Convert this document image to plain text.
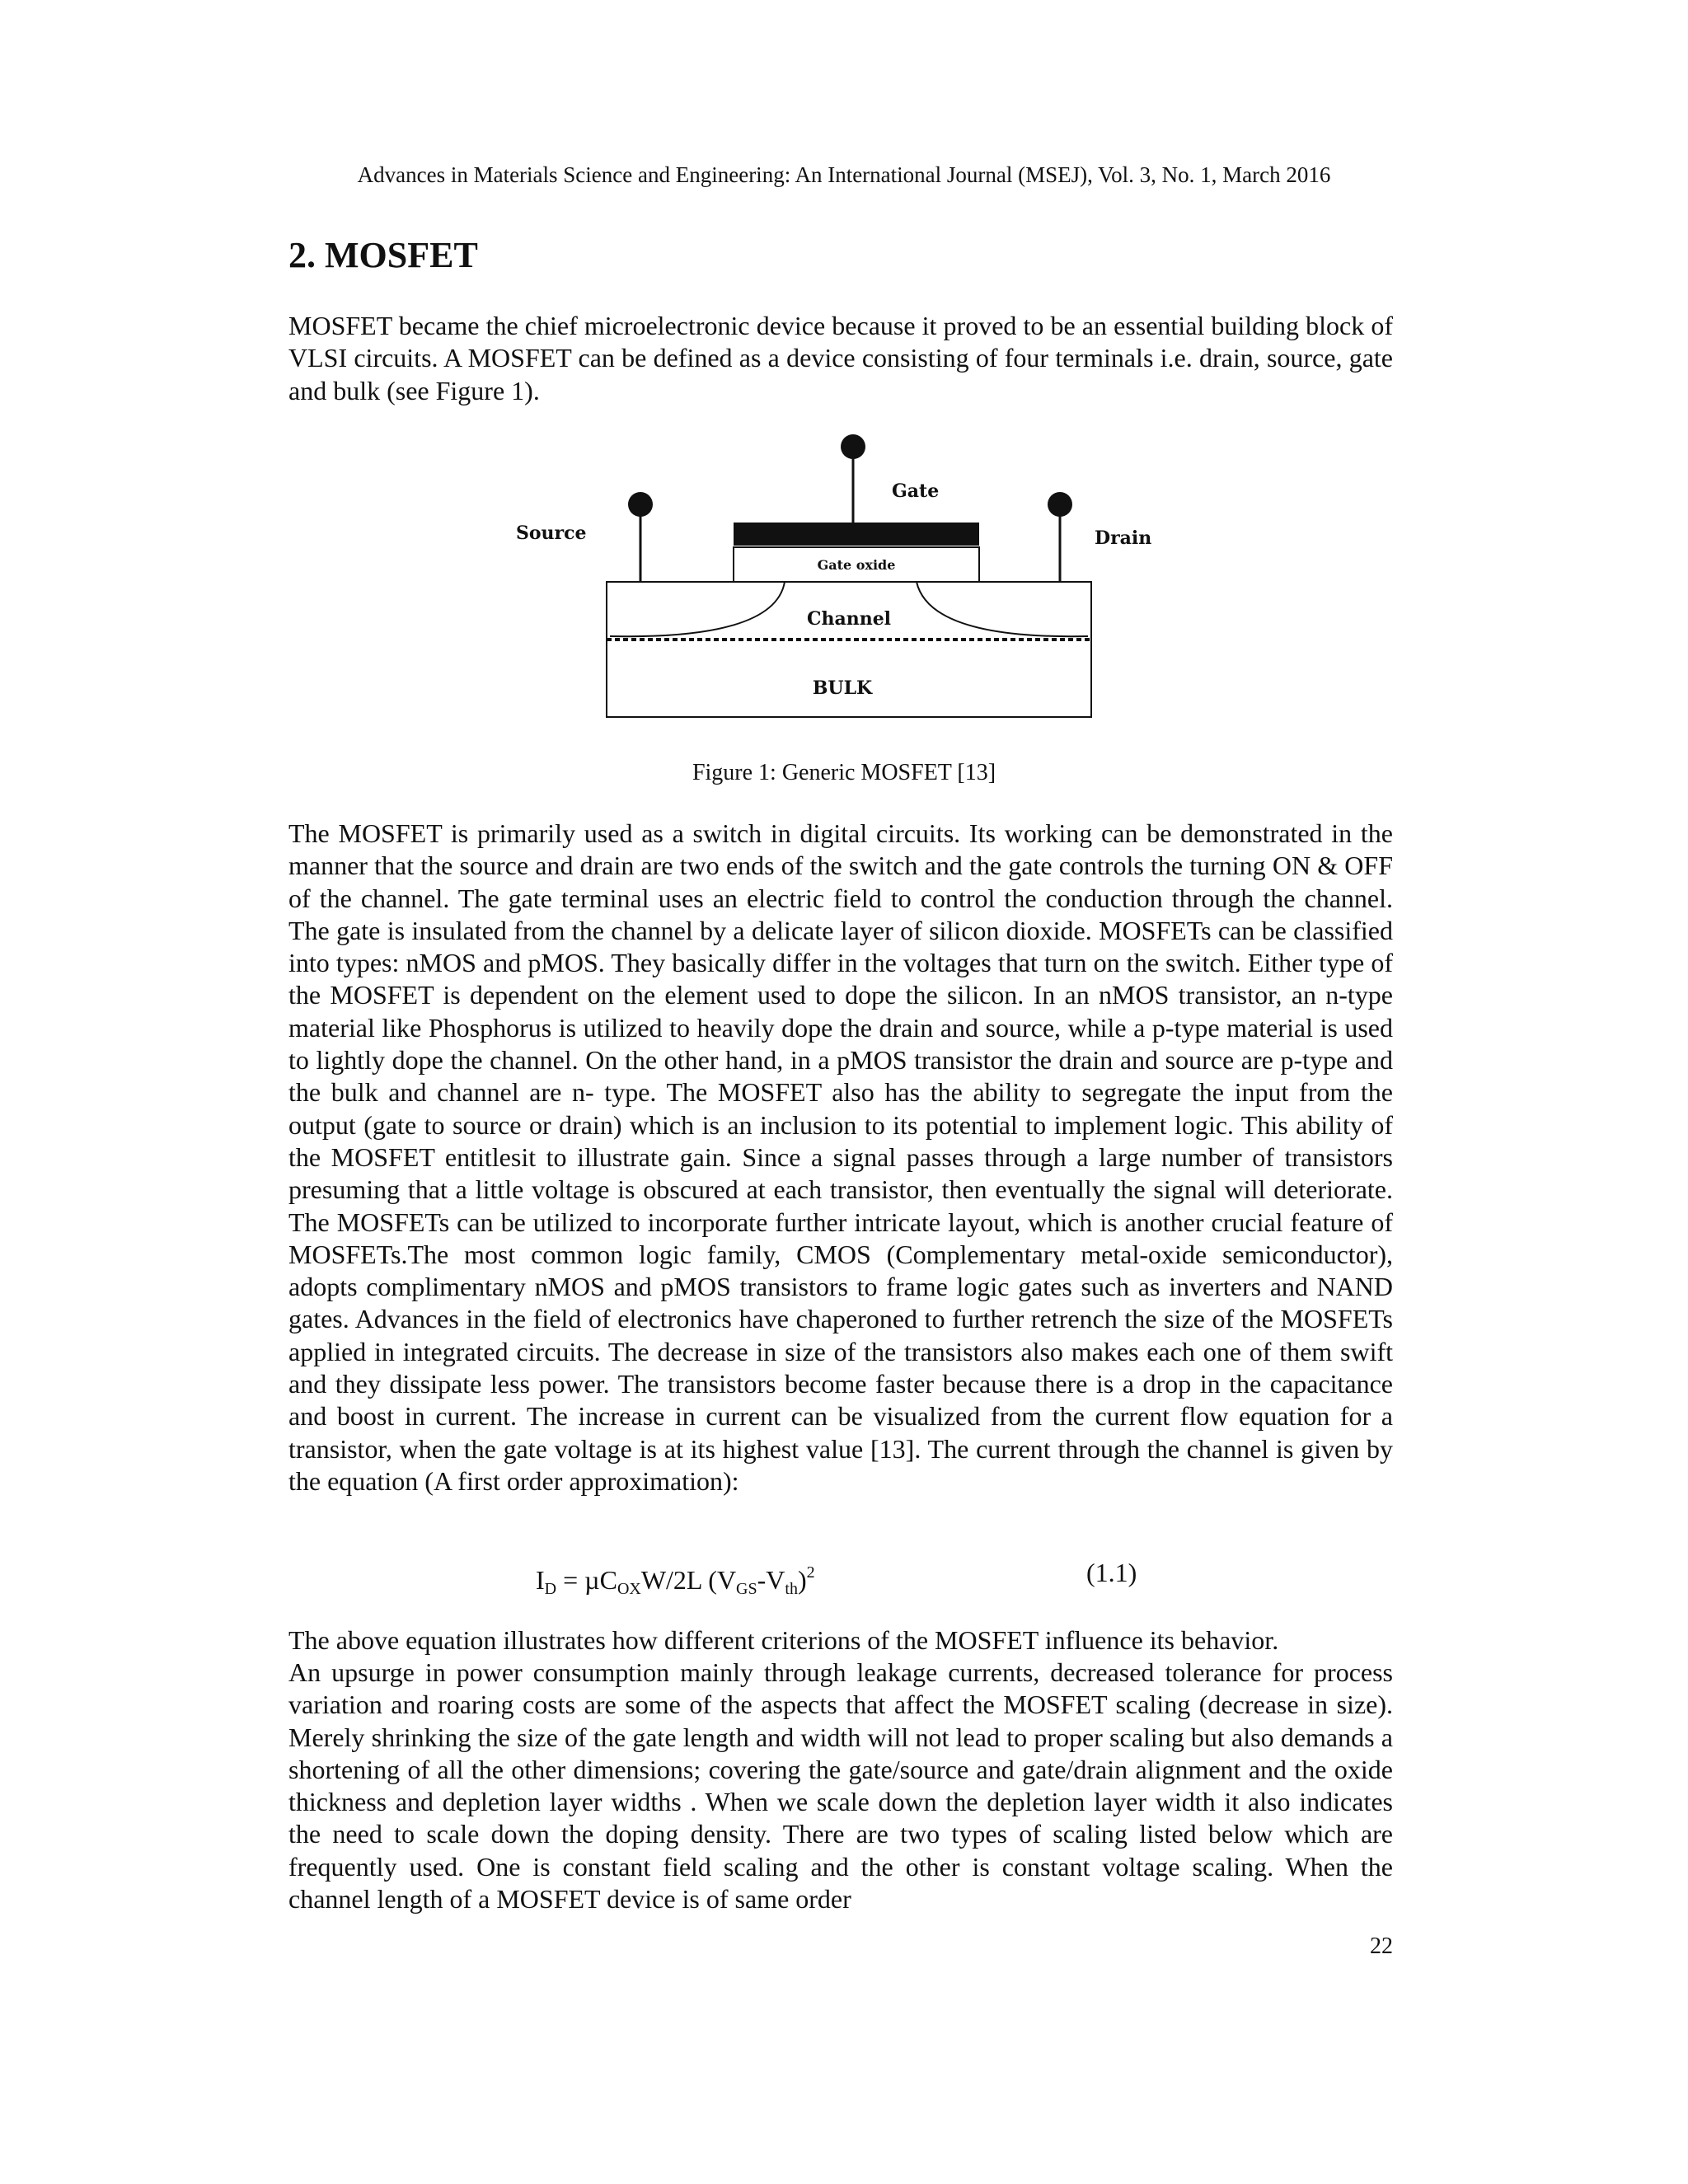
Advances in Materials Science and Engineering: An International Journal (MSEJ), Vol. 3, No. 1, March 2016
2. MOSFET

MOSFET became the chief microelectronic device because it proved to be an essential building block of VLSI circuits. A MOSFET can be defined as a device consisting of four terminals i.e. drain, source, gate and bulk (see Figure 1).

Gate
Source	Drain
Gate oxide
Channel
BULK

Figure 1: Generic MOSFET [13]

The MOSFET is primarily used as a switch in digital circuits. Its working can be demonstrated in the manner that the source and drain are two ends of the switch and the gate controls the turning ON & OFF of the channel. The gate terminal uses an electric field to control the conduction through the channel. The gate is insulated from the channel by a delicate layer of silicon dioxide. MOSFETs can be classified into types: nMOS and pMOS. They basically differ in the voltages that turn on the switch. Either type of the MOSFET is dependent on the element used to dope the silicon. In an nMOS transistor, an n-type material like Phosphorus is utilized to heavily dope the drain and source, while a p-type material is used to lightly dope the channel. On the other hand, in a pMOS transistor the drain and source are p-type and the bulk and channel are n- type. The MOSFET also has the ability to segregate the input from the output (gate to source or drain) which is an inclusion to its potential to implement logic. This ability of the MOSFET entitlesit to illustrate gain. Since a signal passes through a large number of transistors presuming that a little voltage is obscured at each transistor, then eventually the signal will deteriorate. The MOSFETs can be utilized to incorporate further intricate layout, which is another crucial feature of MOSFETs.The most common logic family, CMOS (Complementary metal-oxide semiconductor), adopts complimentary nMOS and pMOS transistors to frame logic gates such as inverters and NAND gates. Advances in the field of electronics have chaperoned to further retrench the size of the MOSFETs applied in integrated circuits. The decrease in size of the transistors also makes each one of them swift and they dissipate less power. The transistors become faster because there is a drop in the capacitance and boost in current. The increase in current can be visualized from the current flow equation for a transistor, when the gate voltage is at its highest value [13]. The current through the channel is given by the equation (A first order approximation):

$I_D = \mu C_{OX}W/2L$ $(V_{GS}-V_{th})^2$	(1.1)

The above equation illustrates how different criterions of the MOSFET influence its behavior.

An upsurge in power consumption mainly through leakage currents, decreased tolerance for process variation and roaring costs are some of the aspects that affect the MOSFET scaling (decrease in size). Merely shrinking the size of the gate length and width will not lead to proper scaling but also demands a shortening of all the other dimensions; covering the gate/source and gate/drain alignment and the oxide thickness and depletion layer widths . When we scale down the depletion layer width it also indicates the need to scale down the doping density. There are two types of scaling listed below which are frequently used. One is constant field scaling and the other is constant voltage scaling. When the channel length of a MOSFET device is of same order

22
